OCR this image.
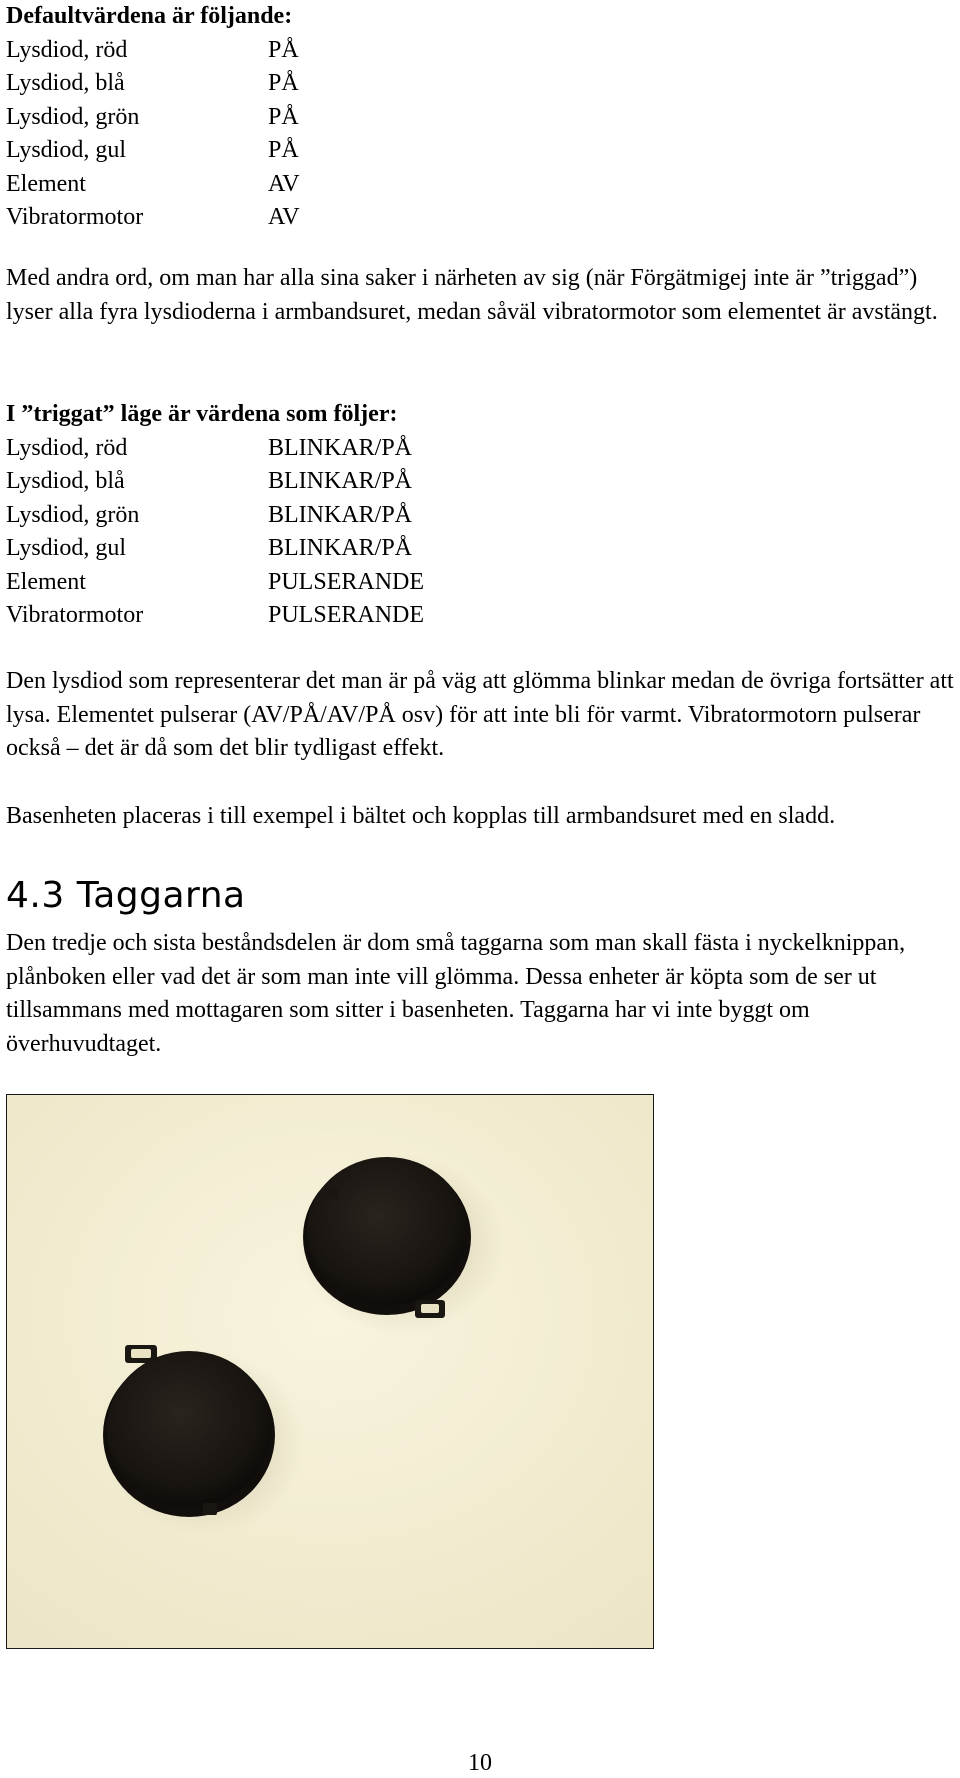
Defaultvärdena är följande:
Lysdiod, röd	PÅ
Lysdiod, blå	PÅ
Lysdiod, grön	PÅ
Lysdiod, gul	PÅ
Element	AV
Vibratormotor	AV

Med andra ord, om man har alla sina saker i närheten av sig (när Förgätmigej inte är ”triggad”) lyser alla fyra lysdioderna i armbandsuret, medan såväl vibratormotor som elementet är avstängt.

I ”triggat” läge är värdena som följer:
Lysdiod, röd	BLINKAR/PÅ
Lysdiod, blå	BLINKAR/PÅ
Lysdiod, grön	BLINKAR/PÅ
Lysdiod, gul	BLINKAR/PÅ
Element	PULSERANDE
Vibratormotor	PULSERANDE

Den lysdiod som representerar det man är på väg att glömma blinkar medan de övriga fortsätter att lysa. Elementet pulserar (AV/PÅ/AV/PÅ osv) för att inte bli för varmt. Vibratormotorn pulserar också – det är då som det blir tydligast effekt.

Basenheten placeras i till exempel i bältet och kopplas till armbandsuret med en sladd.

4.3 Taggarna

Den tredje och sista beståndsdelen är dom små taggarna som man skall fästa i nyckelknippan, plånboken eller vad det är som man inte vill glömma. Dessa enheter är köpta som de ser ut tillsammans med mottagaren som sitter i basenheten. Taggarna har vi inte byggt om överhuvudtaget.

10
